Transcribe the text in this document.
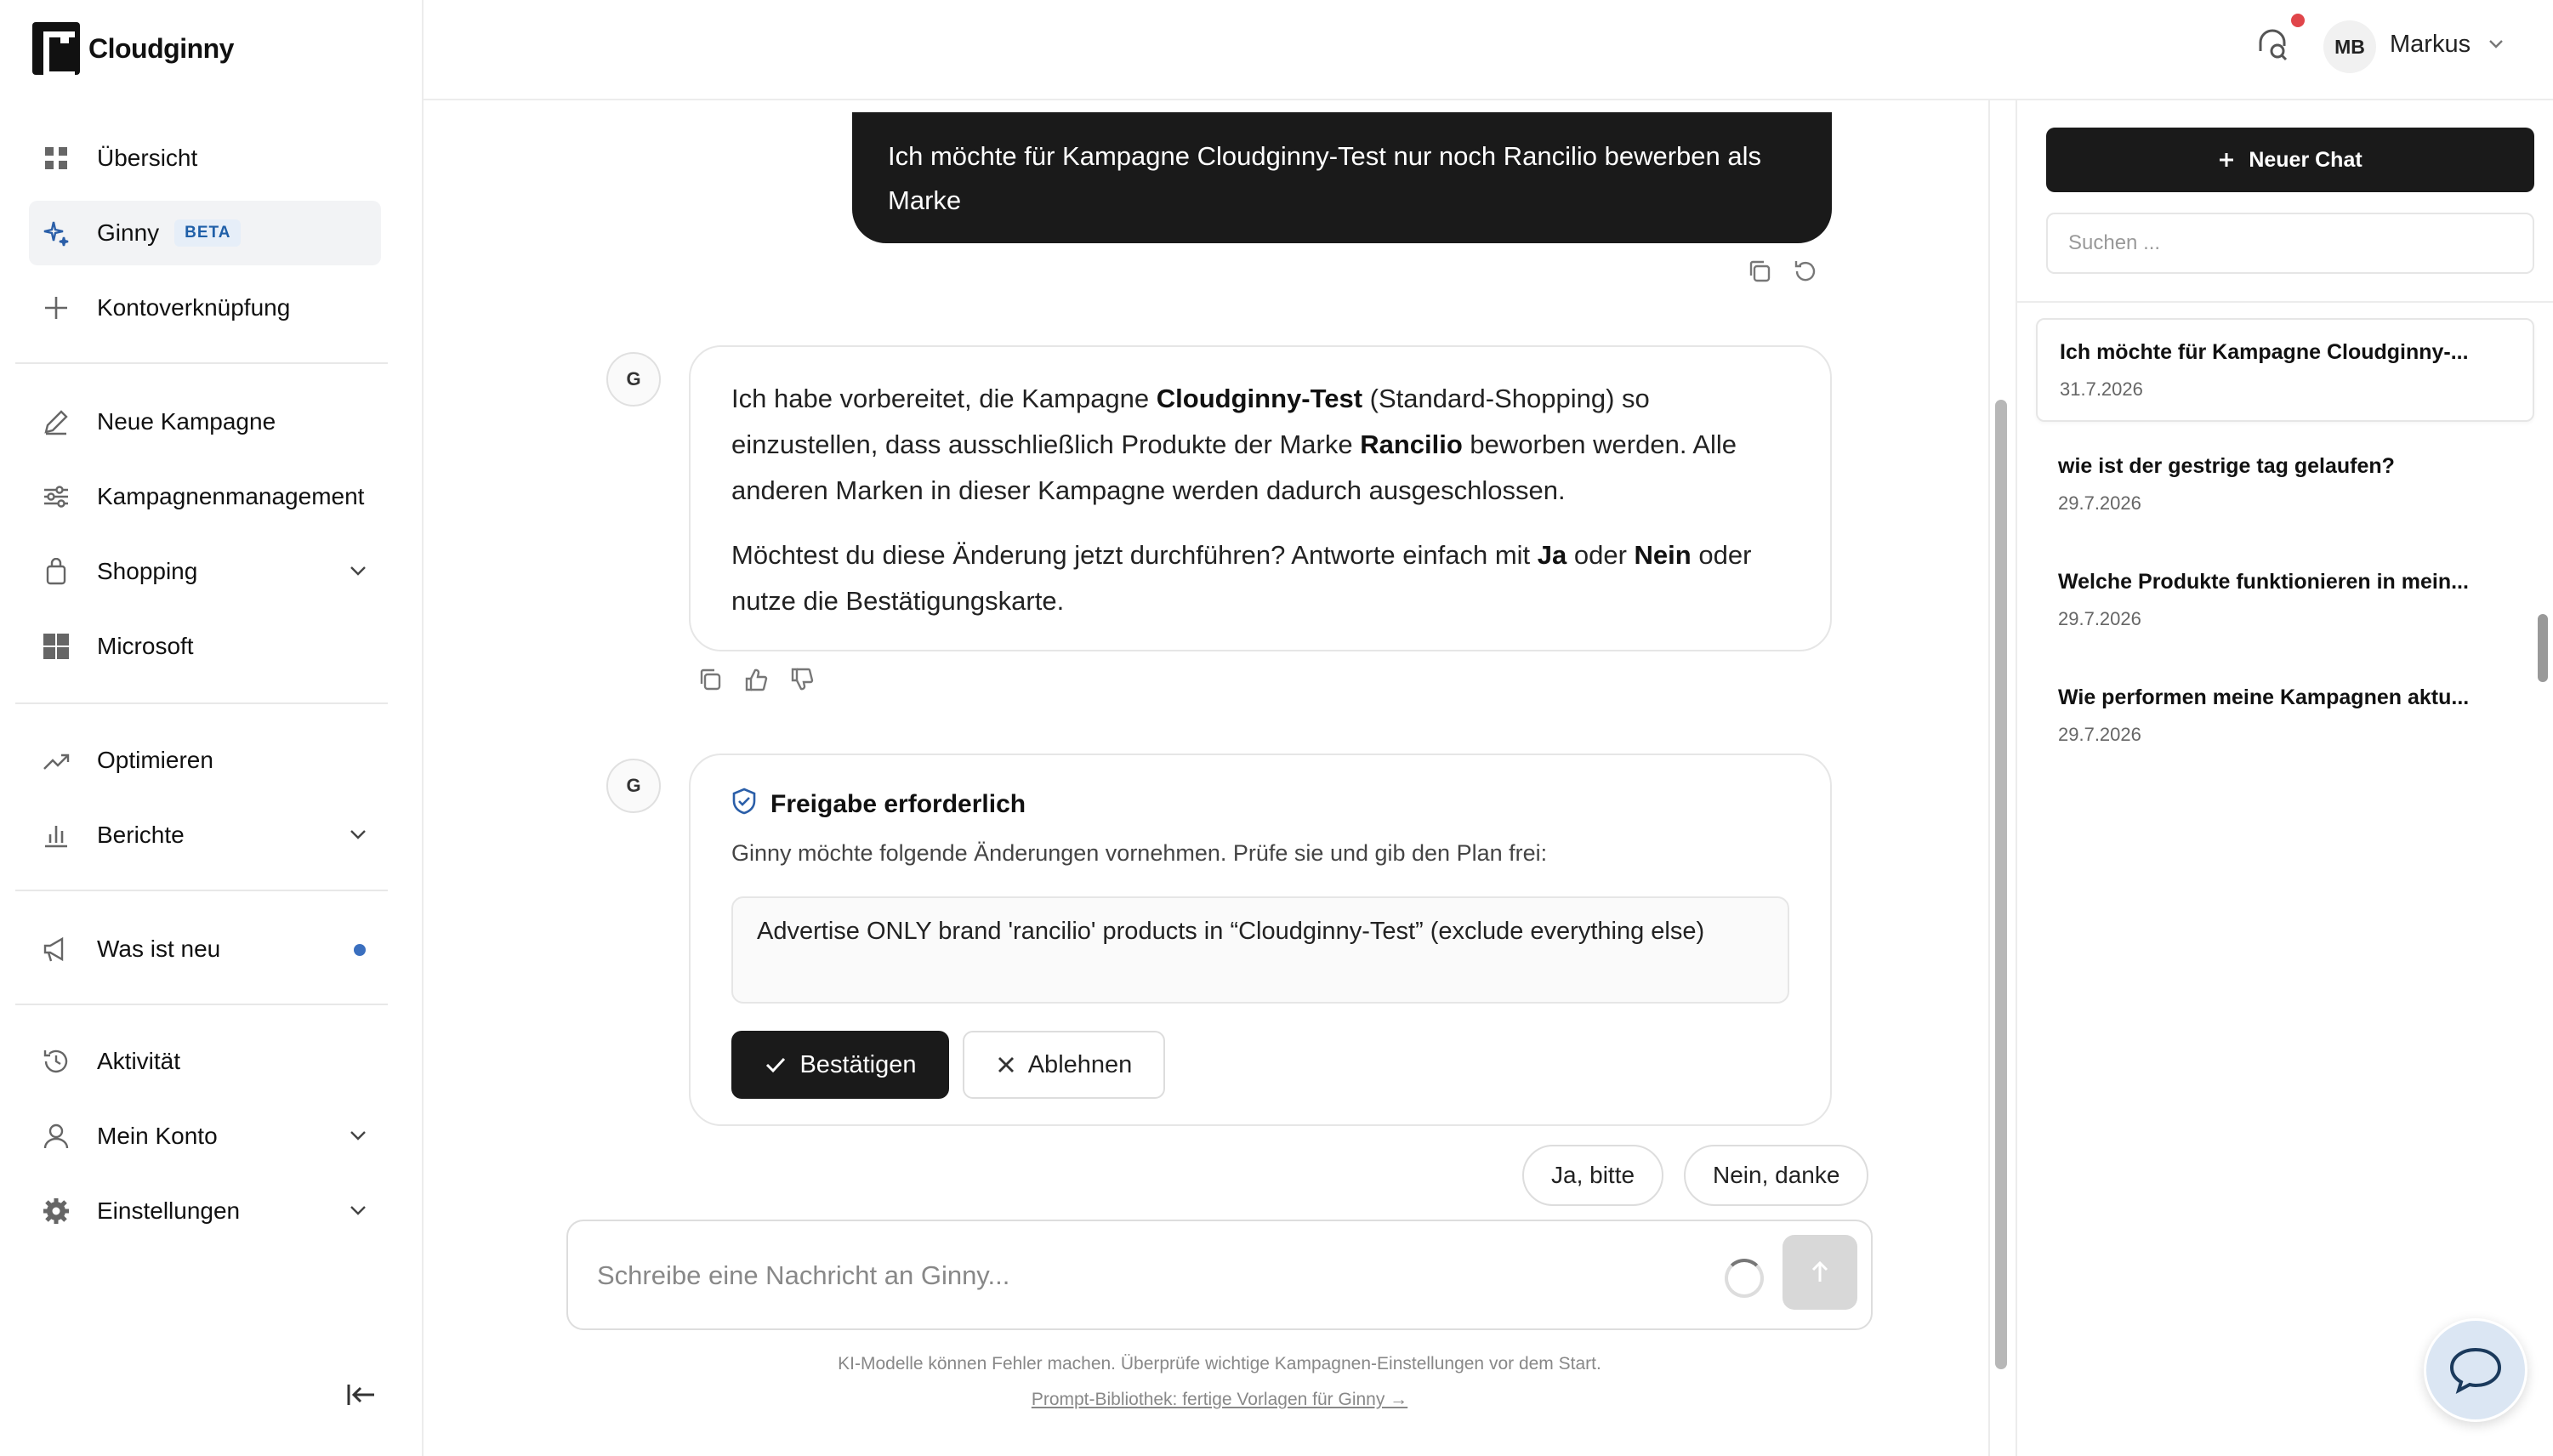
Cloudginny
Übersicht
Ginny	BETA
Kontoverknüpfung
Neue Kampagne
Kampagnenmanagement
Shopping
Microsoft
Optimieren
Berichte
Was ist neu
Aktivität
Mein Konto
Einstellungen
MB	Markus
Ich möchte für Kampagne Cloudginny-Test nur noch Rancilio bewerben als Marke
G

Ich habe vorbereitet, die Kampagne Cloudginny-Test (Standard-Shopping) so einzustellen, dass ausschließlich Produkte der Marke Rancilio beworben werden. Alle anderen Marken in dieser Kampagne werden dadurch ausgeschlossen.

Möchtest du diese Änderung jetzt durchführen? Antworte einfach mit Ja oder Nein oder nutze die Bestätigungskarte.

G
Freigabe erforderlich
Ginny möchte folgende Änderungen vornehmen. Prüfe sie und gib den Plan frei:
Advertise ONLY brand 'rancilio' products in “Cloudginny-Test” (exclude everything else)
Bestätigen	Ablehnen
Ja, bitte	Nein, danke
Schreibe eine Nachricht an Ginny...
KI-Modelle können Fehler machen. Überprüfe wichtige Kampagnen-Einstellungen vor dem Start.
Prompt-Bibliothek: fertige Vorlagen für Ginny →
Neuer Chat
Suchen ...
Ich möchte für Kampagne Cloudginny-...
31.7.2026
wie ist der gestrige tag gelaufen?
29.7.2026
Welche Produkte funktionieren in mein...
29.7.2026
Wie performen meine Kampagnen aktu...
29.7.2026
